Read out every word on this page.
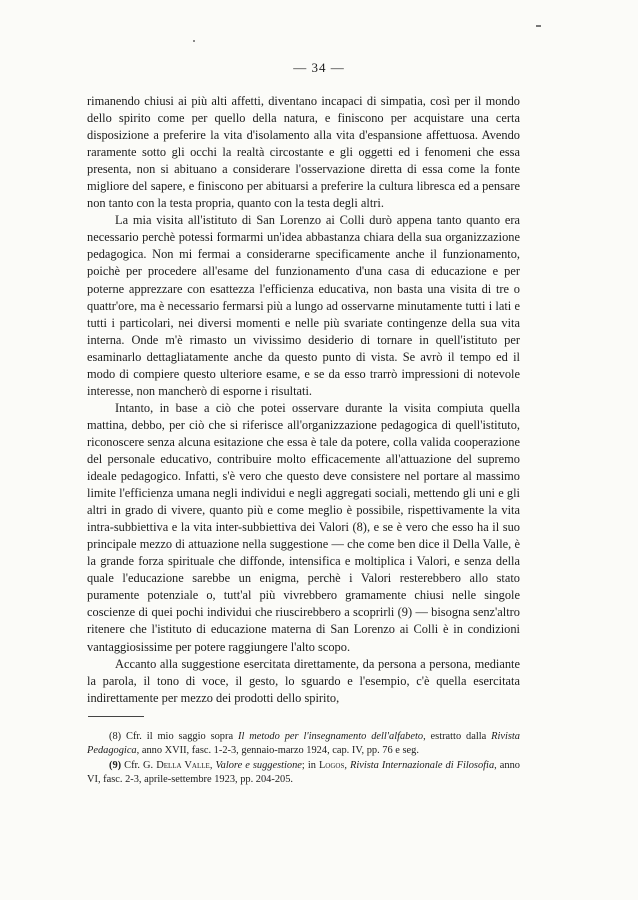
— 34 —

rimanendo chiusi ai più alti affetti, diventano incapaci di simpatia, così per il mondo dello spirito come per quello della natura, e finiscono per acquistare una certa disposizione a preferire la vita d'isolamento alla vita d'espansione affettuosa. Avendo raramente sotto gli occhi la realtà circostante e gli oggetti ed i fenomeni che essa presenta, non si abituano a considerare l'osservazione diretta di essa come la fonte migliore del sapere, e finiscono per abituarsi a preferire la cultura libresca ed a pensare non tanto con la testa propria, quanto con la testa degli altri.

La mia visita all'istituto di San Lorenzo ai Colli durò appena tanto quanto era necessario perchè potessi formarmi un'idea abbastanza chiara della sua organizzazione pedagogica. Non mi fermai a considerarne specificamente anche il funzionamento, poichè per procedere all'esame del funzionamento d'una casa di educazione e per poterne apprezzare con esattezza l'efficienza educativa, non basta una visita di tre o quattr'ore, ma è necessario fermarsi più a lungo ad osservarne minutamente tutti i lati e tutti i particolari, nei diversi momenti e nelle più svariate contingenze della sua vita interna. Onde m'è rimasto un vivissimo desiderio di tornare in quell'istituto per esaminarlo dettagliatamente anche da questo punto di vista. Se avrò il tempo ed il modo di compiere questo ulteriore esame, e se da esso trarrò impressioni di notevole interesse, non mancherò di esporne i risultati.

Intanto, in base a ciò che potei osservare durante la visita compiuta quella mattina, debbo, per ciò che si riferisce all'organizzazione pedagogica di quell'istituto, riconoscere senza alcuna esitazione che essa è tale da potere, colla valida cooperazione del personale educativo, contribuire molto efficacemente all'attuazione del supremo ideale pedagogico. Infatti, s'è vero che questo deve consistere nel portare al massimo limite l'efficienza umana negli individui e negli aggregati sociali, mettendo gli uni e gli altri in grado di vivere, quanto più e come meglio è possibile, rispettivamente la vita intra-subbiettiva e la vita inter-subbiettiva dei Valori (8), e se è vero che esso ha il suo principale mezzo di attuazione nella suggestione — che come ben dice il Della Valle, è la grande forza spirituale che diffonde, intensifica e moltiplica i Valori, e senza della quale l'educazione sarebbe un enigma, perchè i Valori resterebbero allo stato puramente potenziale o, tutt'al più vivrebbero gramamente chiusi nelle singole coscienze di quei pochi individui che riuscirebbero a scoprirli (9) — bisogna senz'altro ritenere che l'istituto di educazione materna di San Lorenzo ai Colli è in condizioni vantaggiosissime per potere raggiungere l'alto scopo.

Accanto alla suggestione esercitata direttamente, da persona a persona, mediante la parola, il tono di voce, il gesto, lo sguardo e l'esempio, c'è quella esercitata indirettamente per mezzo dei prodotti dello spirito,

(8) Cfr. il mio saggio sopra Il metodo per l'insegnamento dell'alfabeto, estratto dalla Rivista Pedagogica, anno XVII, fasc. 1-2-3, gennaio-marzo 1924, cap. IV, pp. 76 e seg.

(9) Cfr. G. Della Valle, Valore e suggestione; in Logos, Rivista Internazionale di Filosofia, anno VI, fasc. 2-3, aprile-settembre 1923, pp. 204-205.
